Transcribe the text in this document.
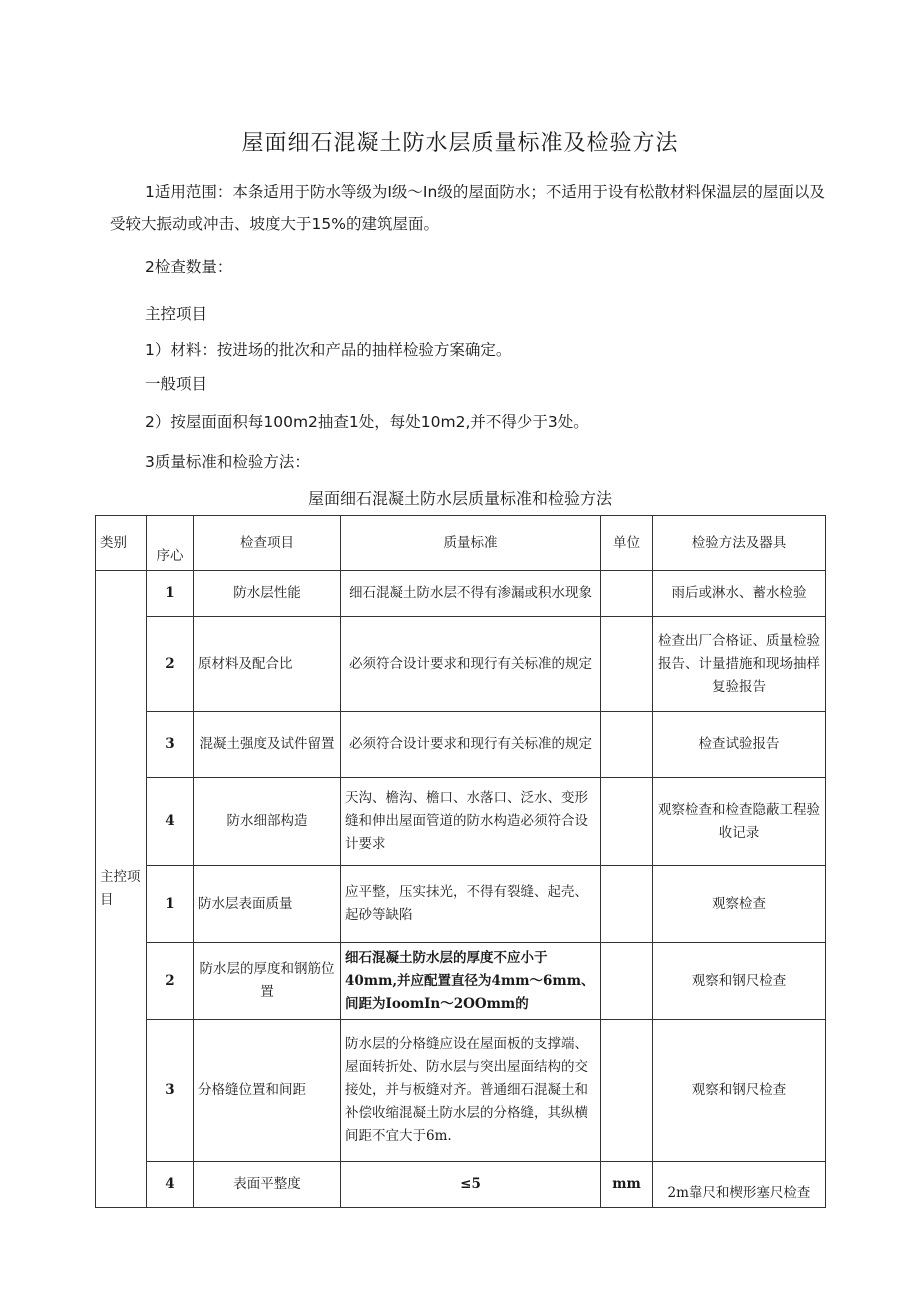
屋面细石混凝土防水层质量标准及检验方法
1适用范围：本条适用于防水等级为Ⅰ级～In级的屋面防水；不适用于设有松散材料保温层的屋面以及受较大振动或冲击、坡度大于15%的建筑屋面。
2检查数量：
主控项目
1）材料：按进场的批次和产品的抽样检验方案确定。
一般项目
2）按屋面面积每100m2抽查1处，每处10m2,并不得少于3处。
3质量标准和检验方法：
屋面细石混凝土防水层质量标准和检验方法
类别	序心	检查项目	质量标准	单位	检验方法及器具
主控项目	1	防水层性能	细石混凝土防水层不得有渗漏或积水现象		雨后或淋水、蓄水检验
	2	原材料及配合比	必须符合设计要求和现行有关标准的规定		检查出厂合格证、质量检验报告、计量措施和现场抽样复验报告
	3	混凝土强度及试件留置	必须符合设计要求和现行有关标准的规定		检查试验报告
	4	防水细部构造	天沟、檐沟、檐口、水落口、泛水、变形缝和伸出屋面管道的防水构造必须符合设计要求		观察检查和检查隐蔽工程验收记录
	1	防水层表面质量	应平整，压实抹光，不得有裂缝、起壳、起砂等缺陷		观察检查
	2	防水层的厚度和钢筋位置	细石混凝土防水层的厚度不应小于40mm,并应配置直径为4mm～6mm、间距为IoomIn～2OOmm的		观察和钢尺检查
	3	分格缝位置和间距	防水层的分格缝应设在屋面板的支撑端、屋面转折处、防水层与突出屋面结构的交接处，并与板缝对齐。普通细石混凝土和补偿收缩混凝土防水层的分格缝，其纵横间距不宜大于6m.		观察和钢尺检查
	4	表面平整度	≤5	mm	2m靠尺和楔形塞尺检查
